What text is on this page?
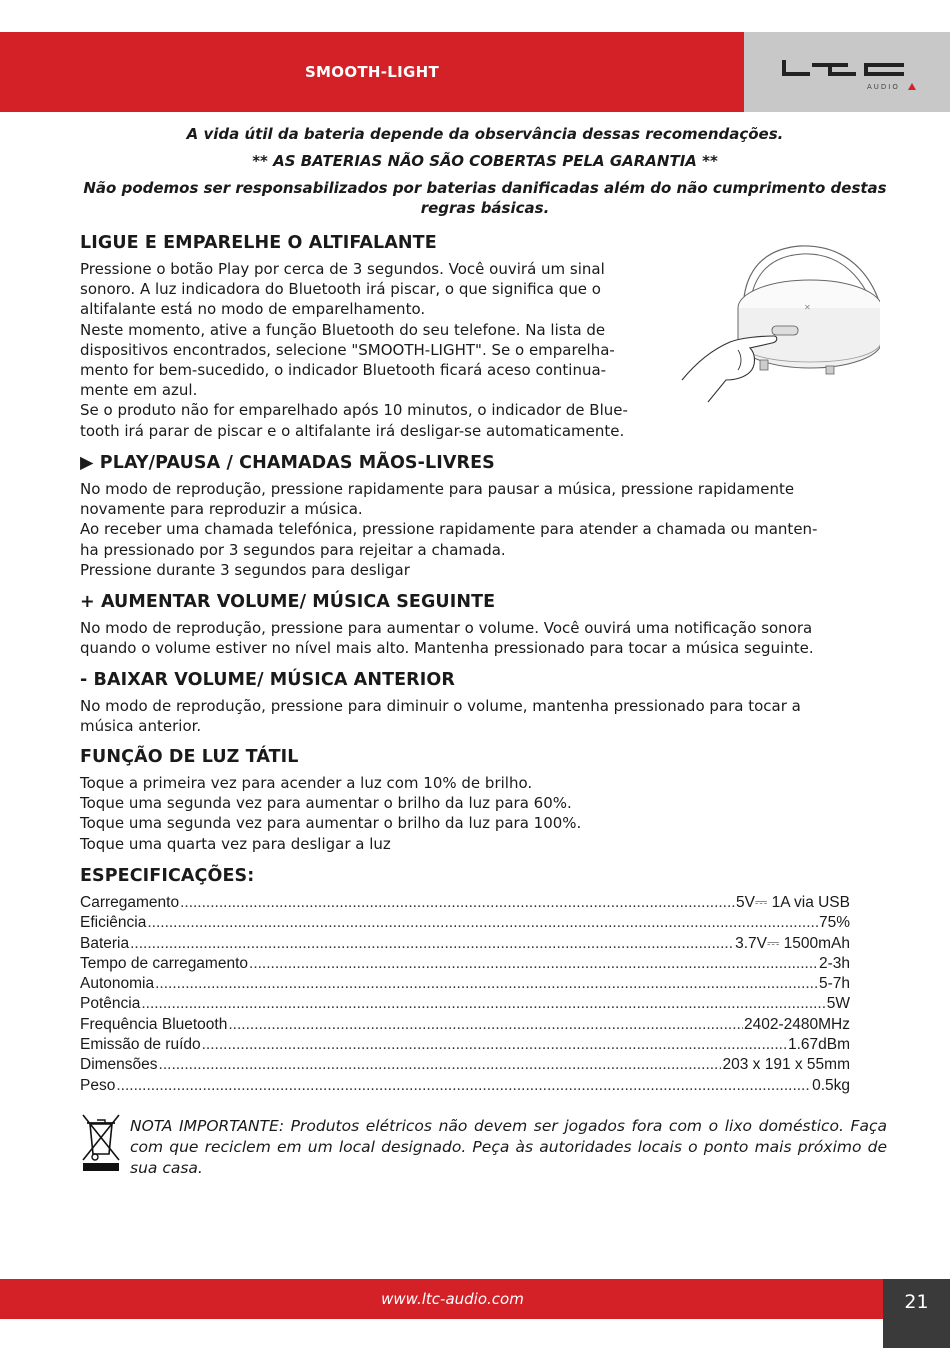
SMOOTH-LIGHT
AUDIO

A vida útil da bateria depende da observância dessas recomendações.

** AS BATERIAS NÃO SÃO COBERTAS PELA GARANTIA **

Não podemos ser responsabilizados por baterias danificadas além do não cumprimento destas regras básicas.

LIGUE E EMPARELHE O ALTIFALANTE

Pressione o botão Play por cerca de 3 segundos. Você ouvirá um sinal

sonoro. A luz indicadora do Bluetooth irá piscar, o que significa que o

altifalante está no modo de emparelhamento.

Neste momento, ative a função Bluetooth do seu telefone. Na lista de

dispositivos encontrados, selecione "SMOOTH-LIGHT". Se o emparelha-

mento for bem-sucedido, o indicador Bluetooth ficará aceso continua-

mente em azul.

Se o produto não for emparelhado após 10 minutos, o indicador de Blue-

tooth irá parar de piscar e o altifalante irá desligar-se automaticamente.

✕
▶ PLAY/PAUSA / CHAMADAS MÃOS-LIVRES

No modo de reprodução, pressione rapidamente para pausar a música, pressione rapidamente

novamente para reproduzir a música.

Ao receber uma chamada telefónica, pressione rapidamente para atender a chamada ou manten-

ha pressionado por 3 segundos para rejeitar a chamada.

Pressione durante 3 segundos para desligar

+ AUMENTAR VOLUME/ MÚSICA SEGUINTE

No modo de reprodução, pressione para aumentar o volume. Você ouvirá uma notificação sonora

quando o volume estiver no nível mais alto. Mantenha pressionado para tocar a música seguinte.

- BAIXAR VOLUME/ MÚSICA ANTERIOR

No modo de reprodução, pressione para diminuir o volume, mantenha pressionado para tocar a

música anterior.

FUNÇÃO DE LUZ TÁTIL

Toque a primeira vez para acender a luz com 10% de brilho.

Toque uma segunda vez para aumentar o brilho da luz para 60%.

Toque uma segunda vez para aumentar o brilho da luz para 100%.

Toque uma quarta vez para desligar a luz

ESPECIFICAÇÕES:
Carregamento .....	5V⎓ 1A via USB
Eficiência .....	75%
Bateria .....	3.7V⎓ 1500mAh
Tempo de carregamento .....	2-3h
Autonomia .....	5-7h
Potência .....	5W
Frequência Bluetooth .....	2402-2480MHz
Emissão de ruído .....	1.67dBm
Dimensões .....	203 x 191 x 55mm
Peso .....	0.5kg
NOTA IMPORTANTE: Produtos elétricos não devem ser jogados fora com o lixo doméstico. Faça com que reciclem em um local designado. Peça às autoridades locais o ponto mais próximo de sua casa.
www.ltc-audio.com	21
